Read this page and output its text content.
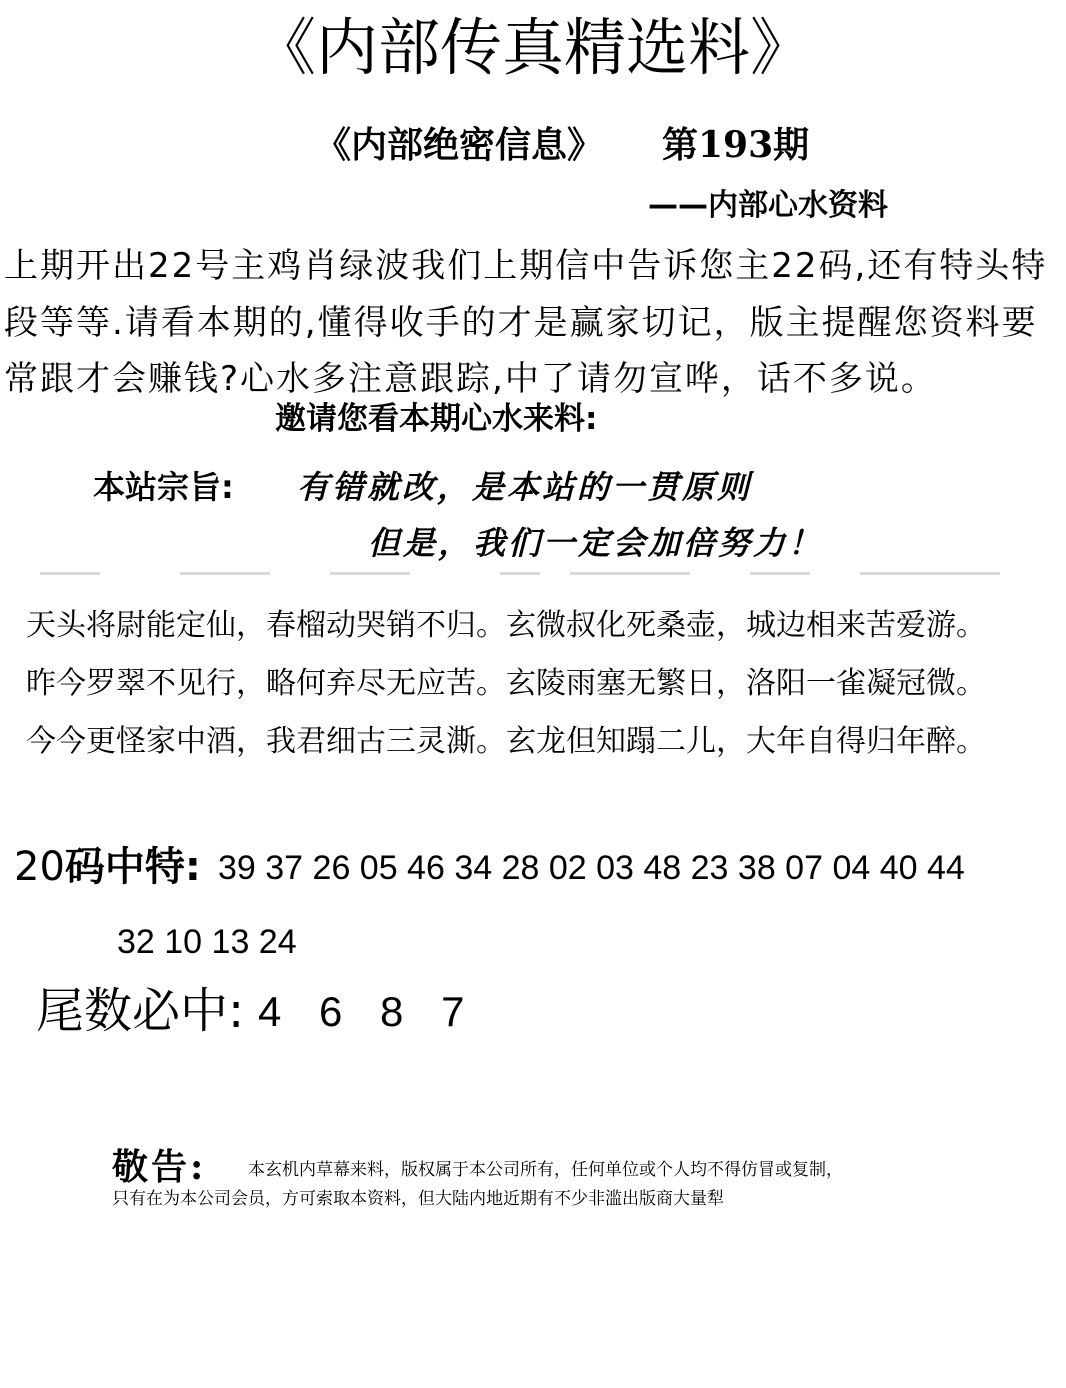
《内部传真精选料》
《内部绝密信息》 第193期
——内部心水资料
上期开出22号主鸡肖绿波我们上期信中告诉您主22码,还有特头特段等等.请看本期的,懂得收手的才是赢家切记，版主提醒您资料要常跟才会赚钱?心水多注意跟踪,中了请勿宣哗，话不多说。
邀请您看本期心水来料:
本站宗旨: 有错就改，是本站的一贯原则
但是，我们一定会加倍努力！
天头将尉能定仙，春榴动哭销不归。玄微叔化死桑壶，城边相来苦爱游。
昨今罗翠不见行，略何弃尽无应苦。玄陵雨塞无繁日，洛阳一雀凝冠微。
今今更怪家中酒，我君细古三灵澌。玄龙但知蹋二儿，大年自得归年醉。
20码中特: 39 37 26 05 46 34 28 02 03 48 23 38 07 04 40 44
32 10 13 24
尾数必中: 4 6 8 7
敬告: 本玄机内草幕来料，版权属于本公司所有，任何单位或个人均不得仿冒或复制，
只有在为本公司会员，方可索取本资料，但大陆内地近期有不少非滥出版商大量犁
